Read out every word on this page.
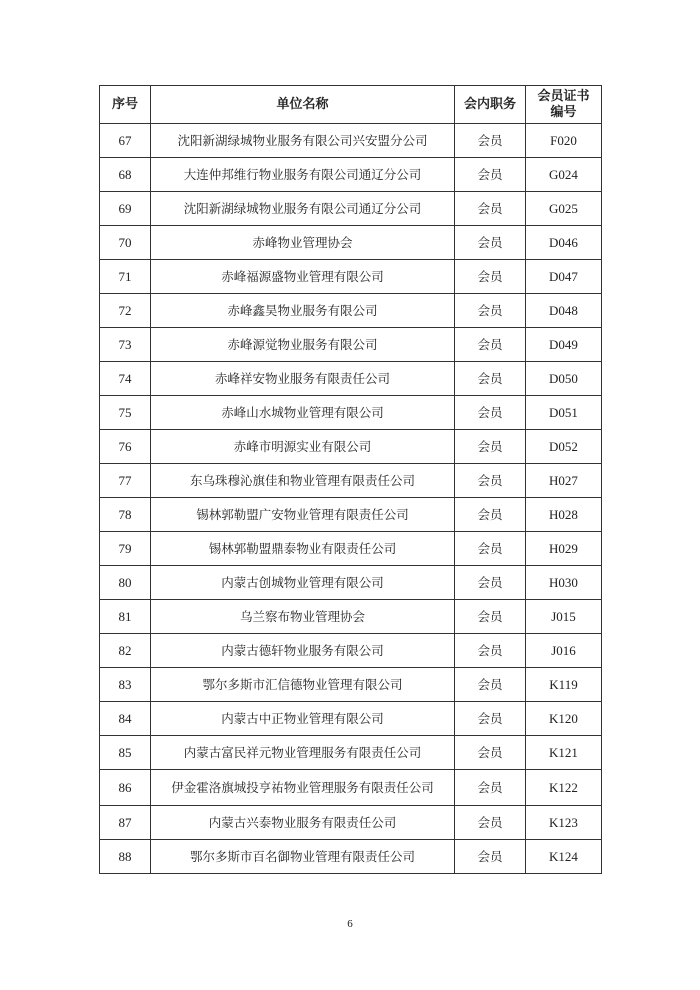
序号	单位名称	会内职务	会员证书编号
67	沈阳新湖绿城物业服务有限公司兴安盟分公司	会员	F020
68	大连仲邦维行物业服务有限公司通辽分公司	会员	G024
69	沈阳新湖绿城物业服务有限公司通辽分公司	会员	G025
70	赤峰物业管理协会	会员	D046
71	赤峰福源盛物业管理有限公司	会员	D047
72	赤峰鑫昊物业服务有限公司	会员	D048
73	赤峰源觉物业服务有限公司	会员	D049
74	赤峰祥安物业服务有限责任公司	会员	D050
75	赤峰山水城物业管理有限公司	会员	D051
76	赤峰市明源实业有限公司	会员	D052
77	东乌珠穆沁旗佳和物业管理有限责任公司	会员	H027
78	锡林郭勒盟广安物业管理有限责任公司	会员	H028
79	锡林郭勒盟鼎泰物业有限责任公司	会员	H029
80	内蒙古创城物业管理有限公司	会员	H030
81	乌兰察布物业管理协会	会员	J015
82	内蒙古德轩物业服务有限公司	会员	J016
83	鄂尔多斯市汇信德物业管理有限公司	会员	K119
84	内蒙古中正物业管理有限公司	会员	K120
85	内蒙古富民祥元物业管理服务有限责任公司	会员	K121
86	伊金霍洛旗城投亨祐物业管理服务有限责任公司	会员	K122
87	内蒙古兴泰物业服务有限责任公司	会员	K123
88	鄂尔多斯市百名御物业管理有限责任公司	会员	K124
6
